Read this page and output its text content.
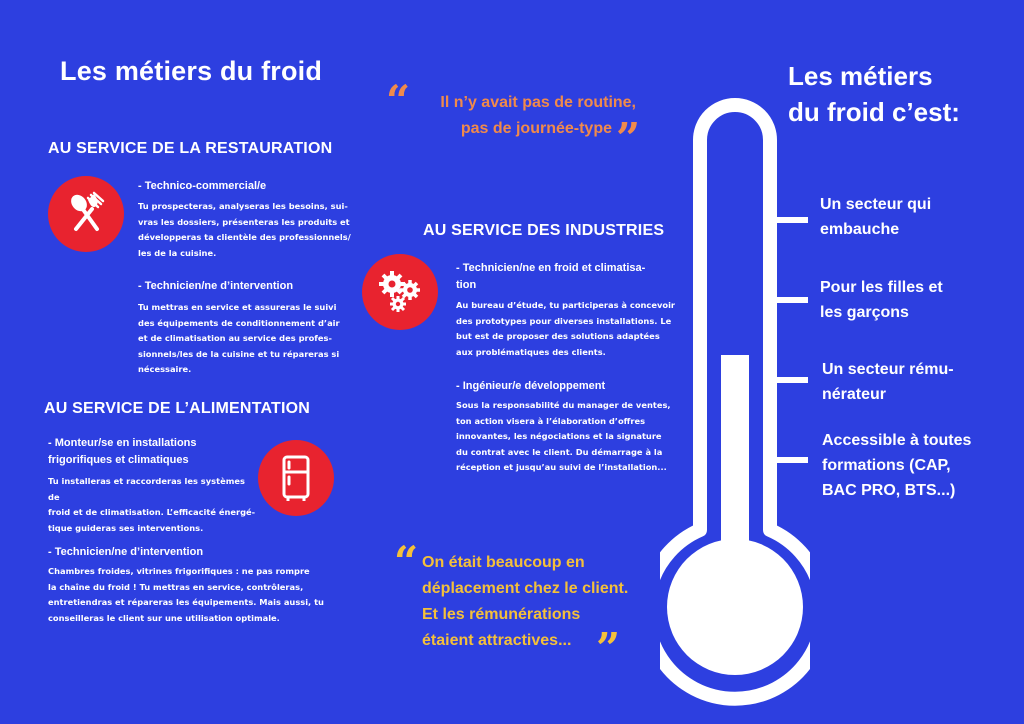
Les métiers du froid
AU SERVICE DE LA RESTAURATION
- Technico-commercial/e
Tu prospecteras, analyseras les besoins, sui-
vras les dossiers, présenteras les produits et
développeras ta clientèle des professionnels/
les de la cuisine.
- Technicien/ne d’intervention
Tu mettras en service et assureras le suivi
des équipements de conditionnement d’air
et de climatisation au service des profes-
sionnels/les de la cuisine et tu répareras si
nécessaire.
AU SERVICE DE L’ALIMENTATION
- Monteur/se en installations
frigorifiques et climatiques
Tu installeras et raccorderas les systèmes de
froid et de climatisation. L’efficacité énergé-
tique guideras ses interventions.
- Technicien/ne d’intervention
Chambres froides, vitrines frigorifiques : ne pas rompre
la chaîne du froid ! Tu mettras en service, contrôleras,
entretiendras et répareras les équipements. Mais aussi, tu
conseilleras le client sur une utilisation optimale.
“	Il n’y avait pas de routine,
pas de journée-type ”
AU SERVICE DES INDUSTRIES
- Technicien/ne en froid et climatisa-
tion
Au bureau d’étude, tu participeras à concevoir
des prototypes pour diverses installations. Le
but est de proposer des solutions adaptées
aux problématiques des clients.
- Ingénieur/e développement
Sous la responsabilité du manager de ventes,
ton action visera à l’élaboration d’offres
innovantes, les négociations et la signature
du contrat avec le client. Du démarrage à la
réception et jusqu’au suivi de l’installation...
“ On était beaucoup en
déplacement chez le client.
Et les rémunérations
étaient attractives... ”
Les métiers
du froid c’est:
Un secteur qui
embauche
Pour les filles et
les garçons
Un secteur rému-
nérateur
Accessible à toutes
formations (CAP,
BAC PRO, BTS...)
